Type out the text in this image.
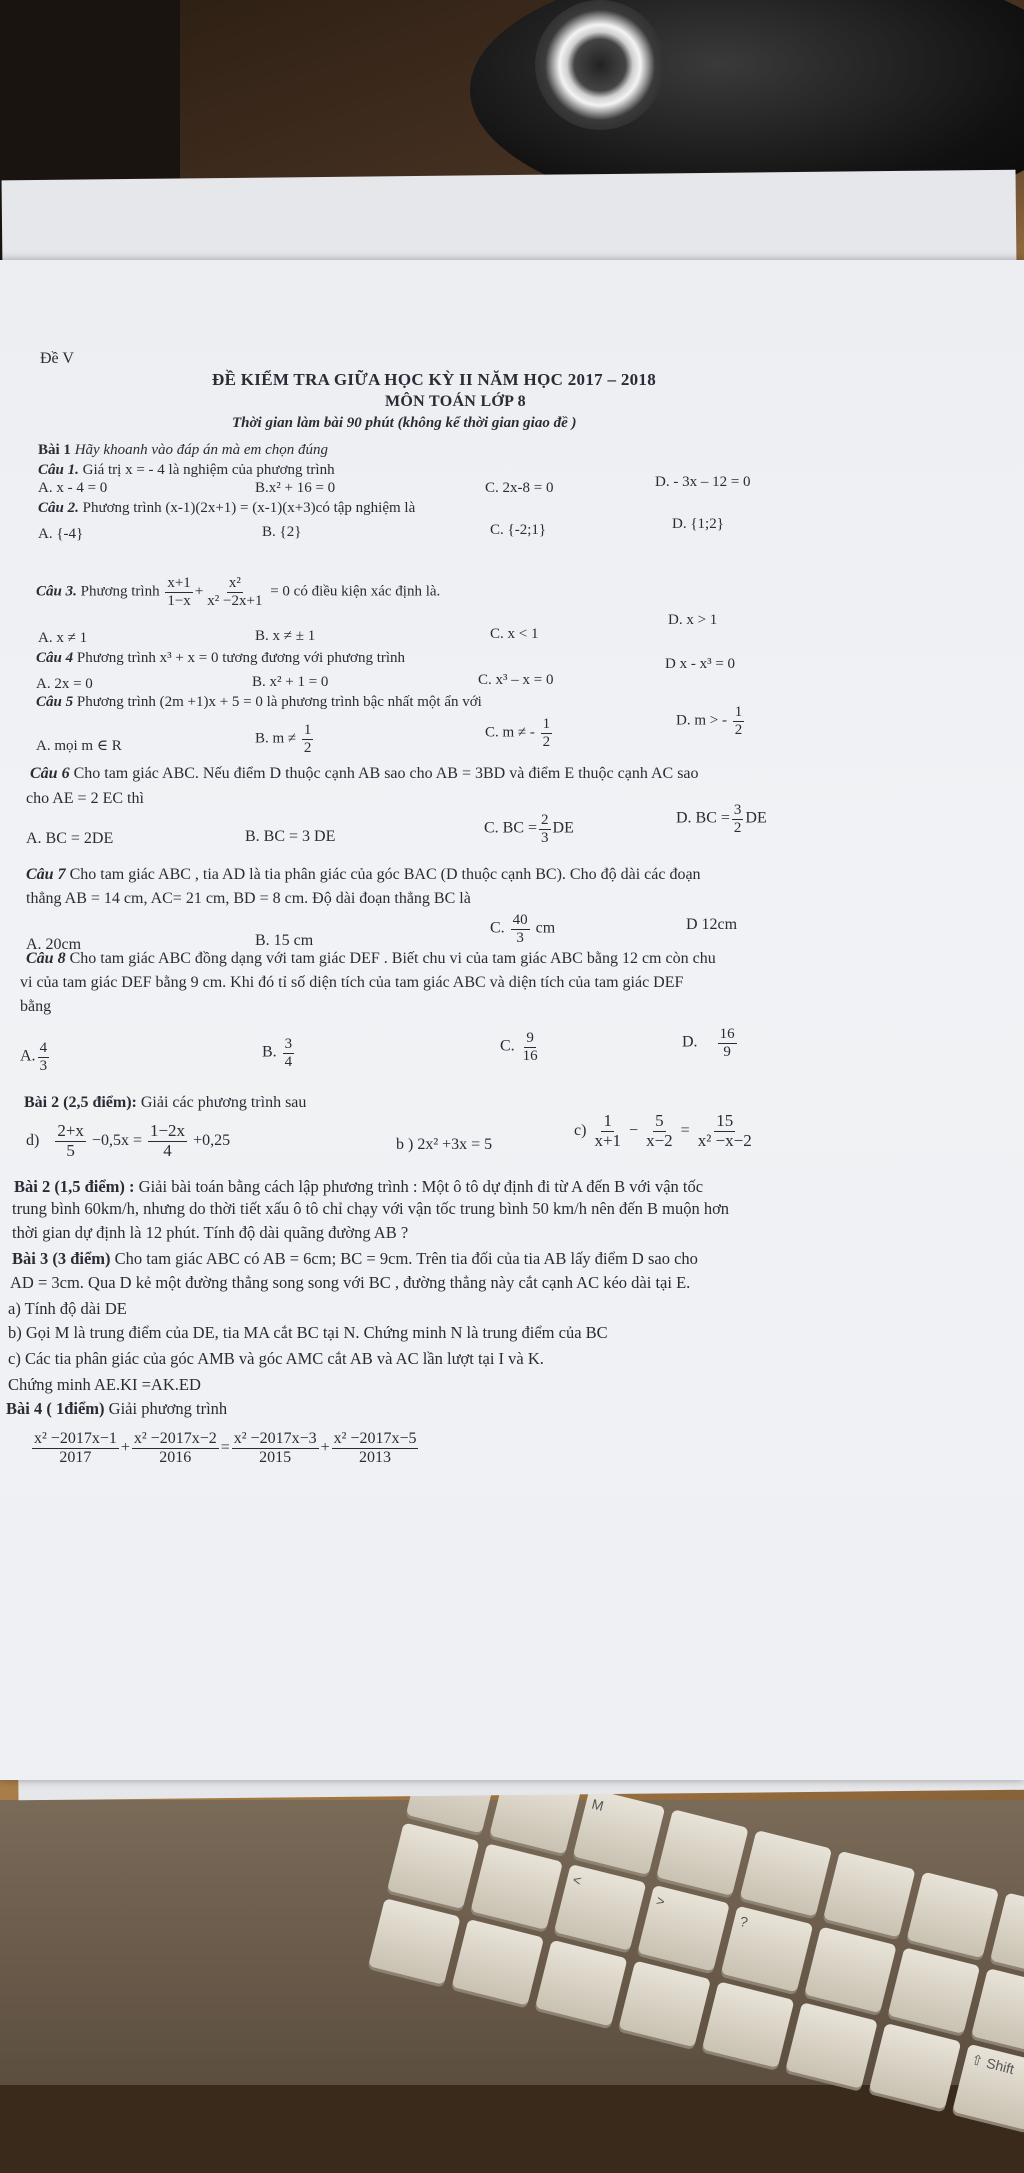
M
<
>
?
⇧ Shift
Đề V
ĐỀ KIỂM TRA GIỮA HỌC KỲ II NĂM HỌC 2017 – 2018
MÔN TOÁN LỚP 8
Thời gian làm bài 90 phút (không kể thời gian giao đề )
Bài 1 Hãy khoanh vào đáp án mà em chọn đúng
Câu 1. Giá trị x = - 4 là nghiệm của phương trình
A. x - 4 = 0	B.x² + 16 = 0	C. 2x-8 = 0	D. - 3x – 12 = 0
Câu 2. Phương trình (x-1)(2x+1) = (x-1)(x+3)có tập nghiệm là
A. {-4}	B. {2}	C. {-2;1}	D. {1;2}
Câu 3. Phương trình $\frac{x+1}{1-x} + \frac{\text{x²}}{\text{x² −2x+1}} = 0$ có điều kiện xác định là.
A. x ≠ 1	B. x ≠ ± 1	C. x < 1
D. x > 1
Câu 4 Phương trình x³ + x = 0 tương đương với phương trình
A. 2x = 0	B. x² + 1 = 0	C. x³ – x = 0
D x - x³ = 0
Câu 5 Phương trình (2m +1)x + 5 = 0 là phương trình bậc nhất một ẩn với
A. mọi m ∈ R	B. $m \ne \frac{1}{2}$	C. m ≠ - $\frac{1}{2}$	D. m > - $\frac{1}{2}$
Câu 6 Cho tam giác ABC. Nếu điểm D thuộc cạnh AB sao cho AB = 3BD và điểm E thuộc cạnh AC sao
cho AE = 2 EC thì
A. BC = 2DE	B. BC = 3 DE	C. BC = $\frac{2}{3}$ DE
D. BC = $\frac{3}{2}$ DE
Câu 7 Cho tam giác ABC , tia AD là tia phân giác của góc BAC (D thuộc cạnh BC). Cho độ dài các đoạn
thẳng AB = 14 cm, AC= 21 cm, BD = 8 cm. Độ dài đoạn thẳng BC là
A. 20cm	B. 15 cm
C. $\frac{40}{3}$ cm	D 12cm
Câu 8 Cho tam giác ABC đồng dạng với tam giác DEF . Biết chu vi của tam giác ABC bằng 12 cm còn chu
vi của tam giác DEF bằng 9 cm. Khi đó tỉ số diện tích của tam giác ABC và diện tích của tam giác DEF
bằng
A. $\frac{4}{3}$	B. $\frac{3}{4}$	C. $\frac{9}{16}$	D. $\frac{16}{9}$
Bài 2 (2,5 điểm): Giải các phương trình sau
$d) \frac{2+x}{5} -0,5x = \frac{1-2x}{4} +0,25$	b ) 2x² +3x = 5
$c) \frac{1}{x+1} - \frac{5}{x-2} = \frac{15}{\text{x² −x−2}}$
Bài 2 (1,5 điểm) : Giải bài toán bằng cách lập phương trình : Một ô tô dự định đi từ A đến B với vận tốc
trung bình 60km/h, nhưng do thời tiết xấu ô tô chỉ chạy với vận tốc trung bình 50 km/h nên đến B muộn hơn
thời gian dự định là 12 phút. Tính độ dài quãng đường AB ?
Bài 3 (3 điểm) Cho tam giác ABC có AB = 6cm; BC = 9cm. Trên tia đối của tia AB lấy điểm D sao cho
AD = 3cm. Qua D kẻ một đường thẳng song song với BC , đường thẳng này cắt cạnh AC kéo dài tại E.
a) Tính độ dài DE
b) Gọi M là trung điểm của DE, tia MA cắt BC tại N. Chứng minh N là trung điểm của BC
c) Các tia phân giác của góc AMB và góc AMC cắt AB và AC lần lượt tại I và K.
Chứng minh AE.KI =AK.ED
Bài 4 ( 1điểm) Giải phương trình
$\frac{\text{x² −2017x−1}}{2017} + \frac{\text{x² −2017x−2}}{2016} = \frac{\text{x² −2017x−3}}{2015} + \frac{\text{x² −2017x−5}}{2013}$
